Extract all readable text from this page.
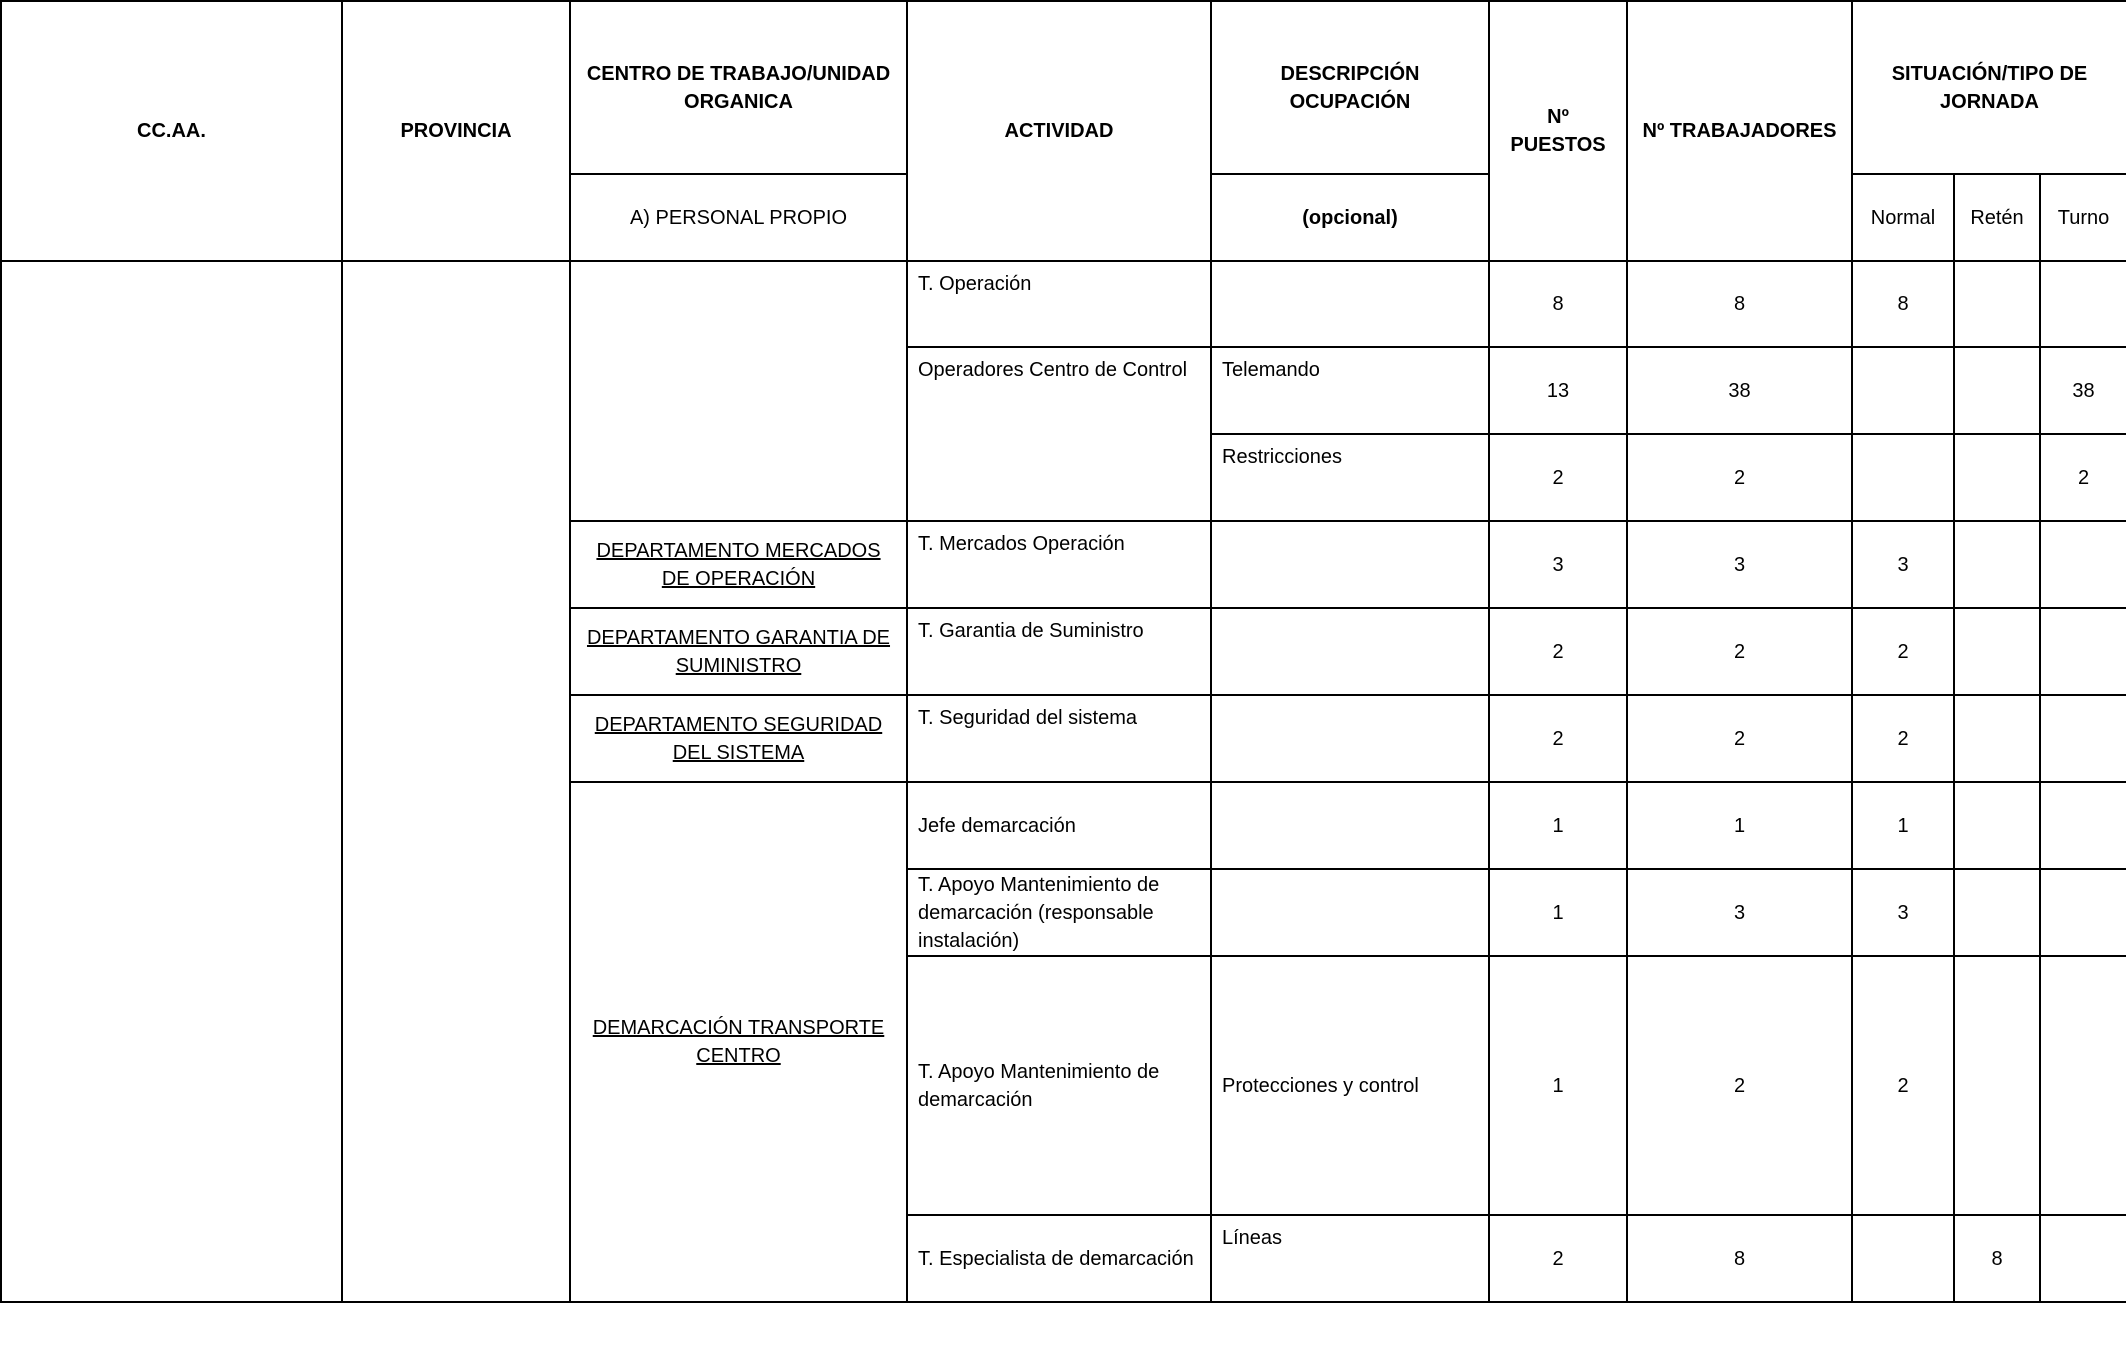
CC.AA.	PROVINCIA	CENTRO DE TRABAJO/UNIDAD ORGANICA	ACTIVIDAD	DESCRIPCIÓN OCUPACIÓN	Nº PUESTOS	Nº TRABAJADORES	SITUACIÓN/TIPO DE JORNADA		
		A) PERSONAL PROPIO		(opcional)			Normal	Retén	Turno
			T. Operación		8	8	8		
			Operadores Centro de Control	Telemando	13	38			38
				Restricciones	2	2			2
		DEPARTAMENTO MERCADOS DE OPERACIÓN	T. Mercados Operación		3	3	3		
		DEPARTAMENTO GARANTIA DE SUMINISTRO	T. Garantia de Suministro		2	2	2		
		DEPARTAMENTO SEGURIDAD DEL SISTEMA	T. Seguridad del sistema		2	2	2		
		DEMARCACIÓN TRANSPORTE CENTRO	Jefe demarcación		1	1	1		
			T. Apoyo Mantenimiento de demarcación (responsable instalación)		1	3	3		
			T. Apoyo Mantenimiento de demarcación	Protecciones y control	1	2	2		
			T. Especialista de demarcación	Líneas	2	8		8	
